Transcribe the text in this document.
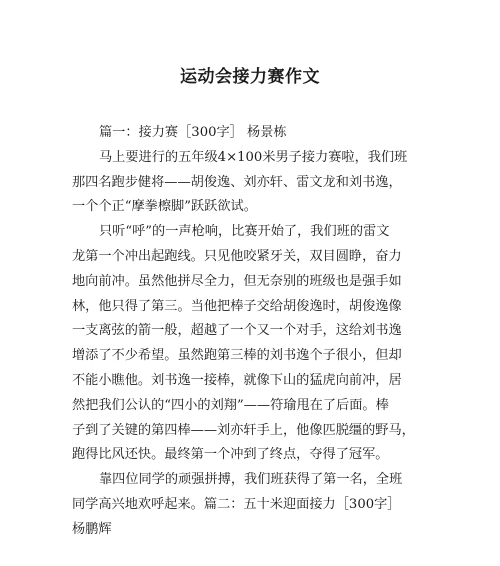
运动会接力赛作文
篇一：接力赛［300字］ 杨景栋
马上要进行的五年级4×100米男子接力赛啦，我们班
那四名跑步健将——胡俊逸、刘亦轩、雷文龙和刘书逸，
一个个正“摩拳檫脚”跃跃欲试。
只听“呼”的一声枪响，比赛开始了，我们班的雷文
龙第一个冲出起跑线。只见他咬紧牙关，双目圆睁，奋力
地向前冲。虽然他拼尽全力，但无奈别的班级也是强手如
林，他只得了第三。当他把棒子交给胡俊逸时，胡俊逸像
一支离弦的箭一般，超越了一个又一个对手，这给刘书逸
增添了不少希望。虽然跑第三棒的刘书逸个子很小，但却
不能小瞧他。刘书逸一接棒，就像下山的猛虎向前冲，居
然把我们公认的“四小的刘翔”——符瑜甩在了后面。棒
子到了关键的第四棒——刘亦轩手上，他像匹脱缰的野马，
跑得比风还快。最终第一个冲到了终点，夺得了冠军。
靠四位同学的顽强拼搏，我们班获得了第一名，全班
同学高兴地欢呼起来。篇二：五十米迎面接力［300字］
杨鹏辉
